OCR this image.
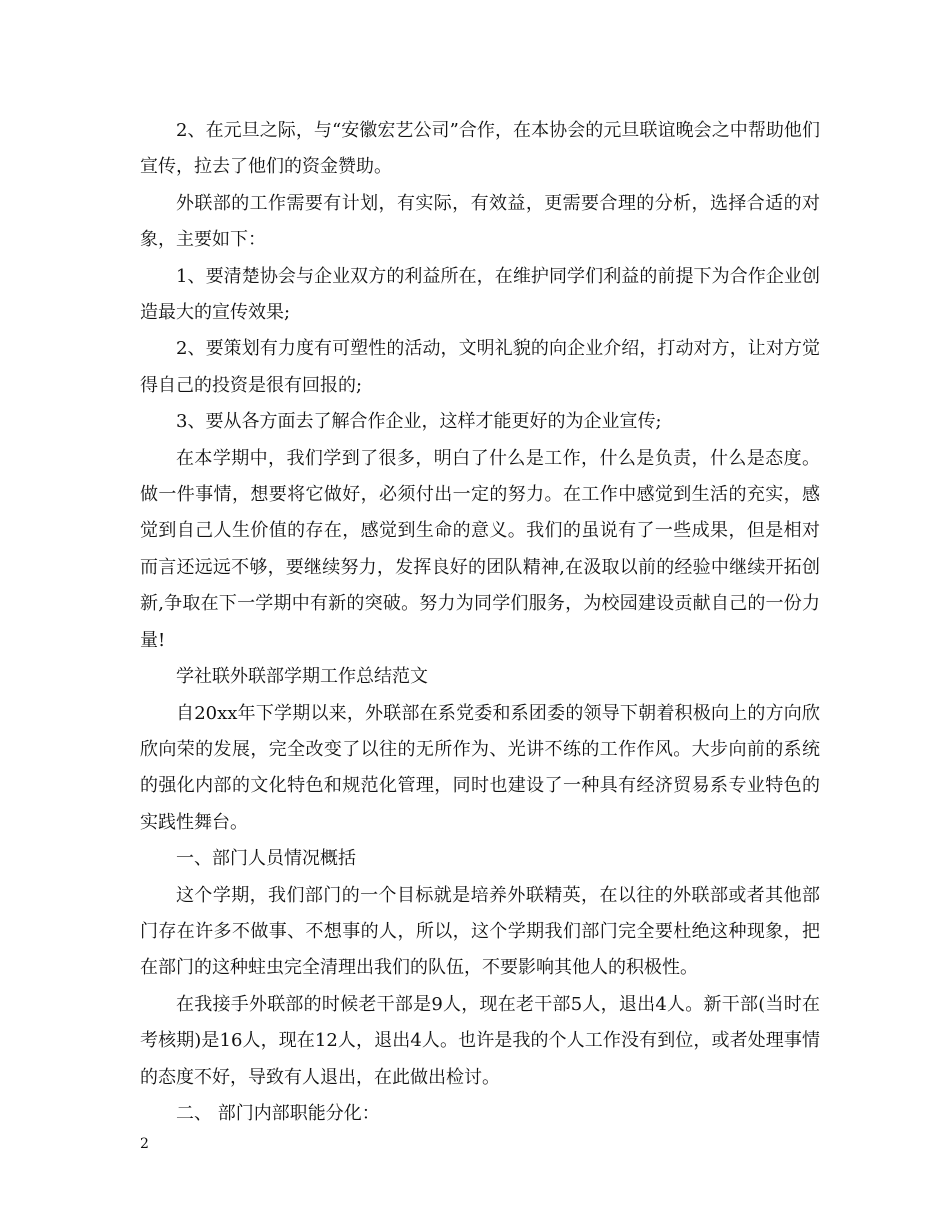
2、在元旦之际，与“安徽宏艺公司”合作，在本协会的元旦联谊晚会之中帮助他们宣传，拉去了他们的资金赞助。

外联部的工作需要有计划，有实际，有效益，更需要合理的分析，选择合适的对象，主要如下：

1、要清楚协会与企业双方的利益所在，在维护同学们利益的前提下为合作企业创造最大的宣传效果;

2、要策划有力度有可塑性的活动，文明礼貌的向企业介绍，打动对方，让对方觉得自己的投资是很有回报的;

3、要从各方面去了解合作企业，这样才能更好的为企业宣传;

在本学期中，我们学到了很多，明白了什么是工作，什么是负责，什么是态度。做一件事情，想要将它做好，必须付出一定的努力。在工作中感觉到生活的充实，感觉到自己人生价值的存在，感觉到生命的意义。我们的虽说有了一些成果，但是相对而言还远远不够，要继续努力，发挥良好的团队精神,在汲取以前的经验中继续开拓创新,争取在下一学期中有新的突破。努力为同学们服务，为校园建设贡献自己的一份力量!

学社联外联部学期工作总结范文

自20xx年下学期以来，外联部在系党委和系团委的领导下朝着积极向上的方向欣欣向荣的发展，完全改变了以往的无所作为、光讲不练的工作作风。大步向前的系统的强化内部的文化特色和规范化管理，同时也建设了一种具有经济贸易系专业特色的实践性舞台。

一、部门人员情况概括

这个学期，我们部门的一个目标就是培养外联精英，在以往的外联部或者其他部门存在许多不做事、不想事的人，所以，这个学期我们部门完全要杜绝这种现象，把在部门的这种蛀虫完全清理出我们的队伍，不要影响其他人的积极性。

在我接手外联部的时候老干部是9人，现在老干部5人，退出4人。新干部(当时在考核期)是16人，现在12人，退出4人。也许是我的个人工作没有到位，或者处理事情的态度不好，导致有人退出，在此做出检讨。

二、 部门内部职能分化：

2
